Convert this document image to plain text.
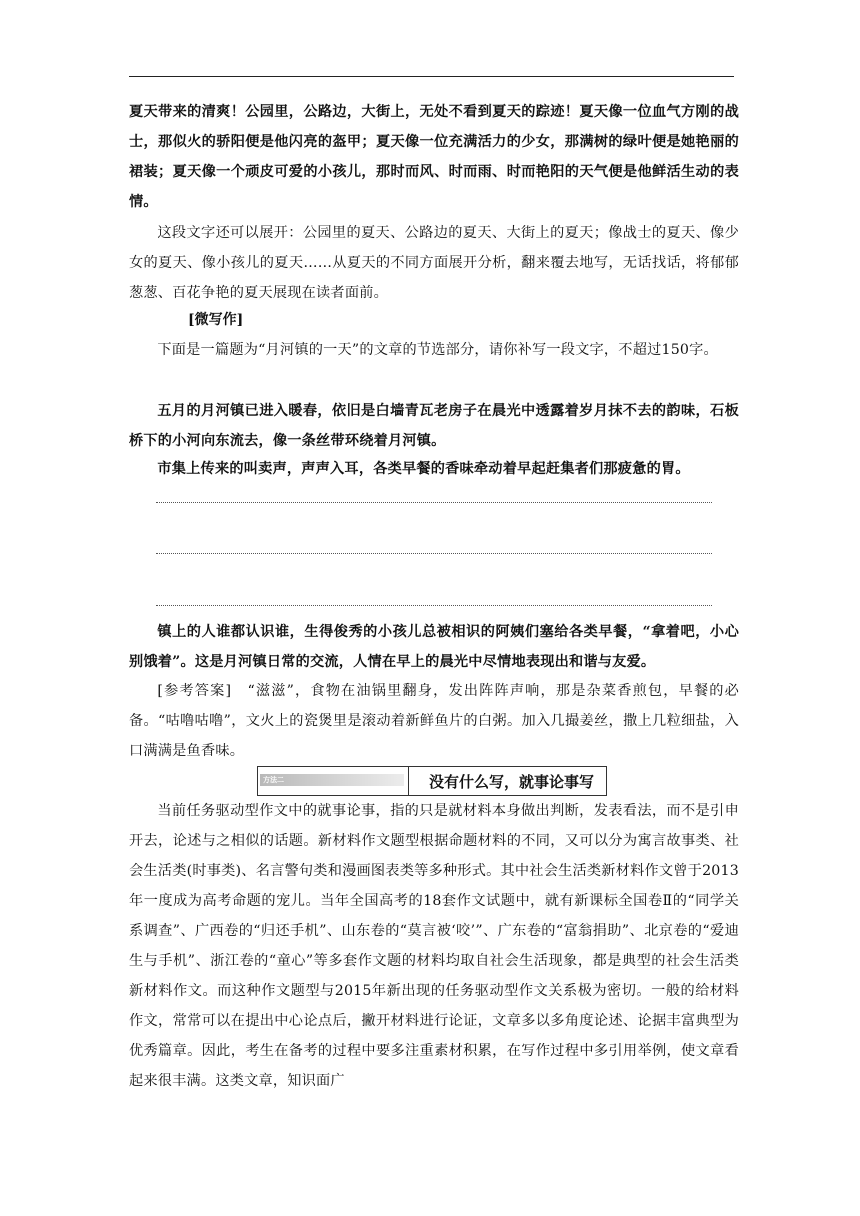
夏天带来的清爽！公园里，公路边，大街上，无处不看到夏天的踪迹！夏天像一位血气方刚的战士，那似火的骄阳便是他闪亮的盔甲；夏天像一位充满活力的少女，那满树的绿叶便是她艳丽的裙装；夏天像一个顽皮可爱的小孩儿，那时而风、时而雨、时而艳阳的天气便是他鲜活生动的表情。

这段文字还可以展开：公园里的夏天、公路边的夏天、大街上的夏天；像战士的夏天、像少女的夏天、像小孩儿的夏天……从夏天的不同方面展开分析，翻来覆去地写，无话找话，将郁郁葱葱、百花争艳的夏天展现在读者面前。

[微写作]

下面是一篇题为“月河镇的一天”的文章的节选部分，请你补写一段文字，不超过150字。

五月的月河镇已进入暖春，依旧是白墙青瓦老房子在晨光中透露着岁月抹不去的韵味，石板桥下的小河向东流去，像一条丝带环绕着月河镇。

市集上传来的叫卖声，声声入耳，各类早餐的香味牵动着早起赶集者们那疲惫的胃。

镇上的人谁都认识谁，生得俊秀的小孩儿总被相识的阿姨们塞给各类早餐，“拿着吧，小心别饿着”。这是月河镇日常的交流，人情在早上的晨光中尽情地表现出和谐与友爱。

[参考答案]　 “滋滋”，食物在油锅里翻身，发出阵阵声响，那是杂菜香煎包，早餐的必备。“咕噜咕噜”，文火上的瓷煲里是滚动着新鲜鱼片的白粥。加入几撮姜丝，撒上几粒细盐，入口满满是鱼香味。

方法二	没有什么写，就事论事写

当前任务驱动型作文中的就事论事，指的只是就材料本身做出判断，发表看法，而不是引申开去，论述与之相似的话题。新材料作文题型根据命题材料的不同，又可以分为寓言故事类、社会生活类(时事类)、名言警句类和漫画图表类等多种形式。其中社会生活类新材料作文曾于2013年一度成为高考命题的宠儿。当年全国高考的18套作文试题中，就有新课标全国卷Ⅱ的“同学关系调查”、广西卷的“归还手机”、山东卷的“莫言被‘咬’”、广东卷的“富翁捐助”、北京卷的“爱迪生与手机”、浙江卷的“童心”等多套作文题的材料均取自社会生活现象，都是典型的社会生活类新材料作文。而这种作文题型与2015年新出现的任务驱动型作文关系极为密切。一般的给材料作文，常常可以在提出中心论点后，撇开材料进行论证，文章多以多角度论述、论据丰富典型为优秀篇章。因此，考生在备考的过程中要多注重素材积累，在写作过程中多引用举例，使文章看起来很丰满。这类文章，知识面广
